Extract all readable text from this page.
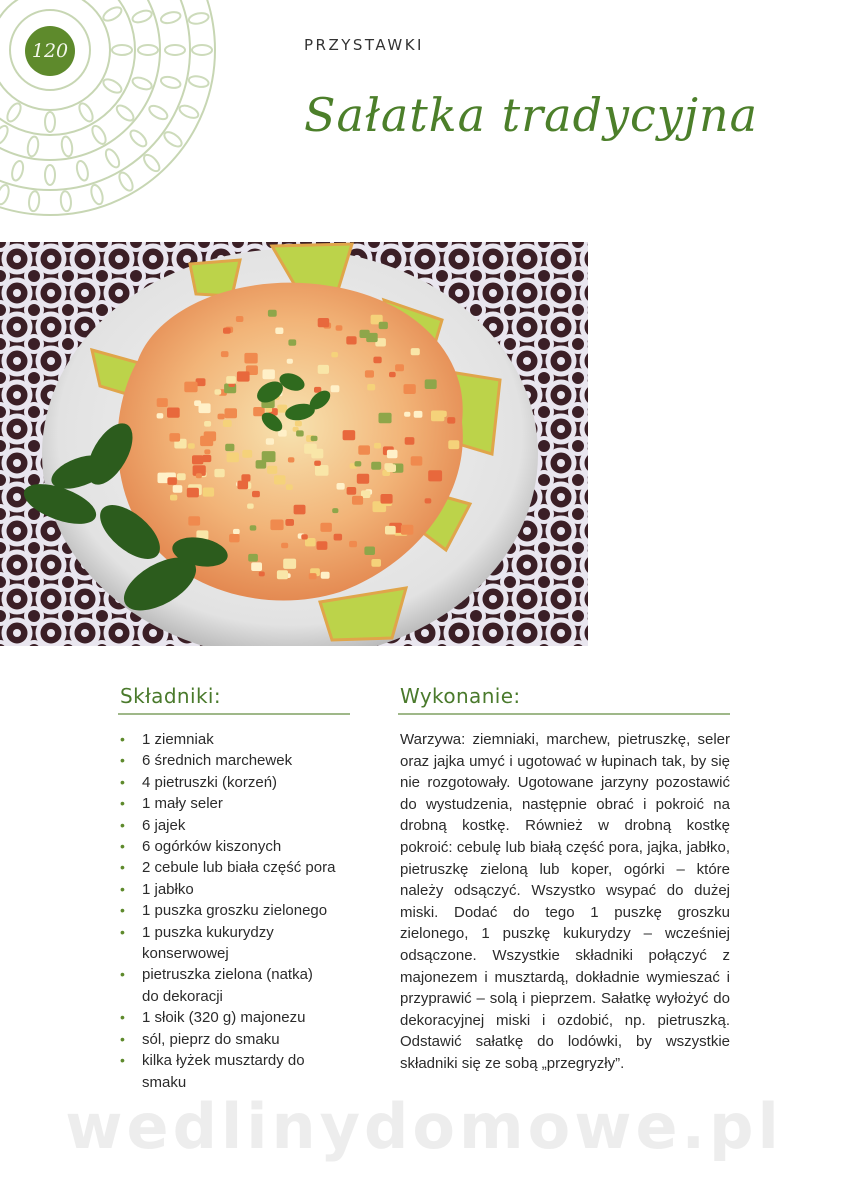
120	PRZYSTAWKI
Sałatka tradycyjna
Składniki:
• 1 ziemniak
• 6 średnich marchewek
• 4 pietruszki (korzeń)
• 1 mały seler
• 6 jajek
• 6 ogórków kiszonych
• 2 cebule lub biała część pora
• 1 jabłko
• 1 puszka groszku zielonego
• 1 puszka kukurydzy konserwowej
• pietruszka zielona (natka) do dekoracji
• 1 słoik (320 g) majonezu
• sól, pieprz do smaku
• kilka łyżek musztardy do smaku
Wykonanie:

Warzywa: ziemniaki, marchew, pietruszkę, seler oraz jajka umyć i ugotować w łupinach tak, by się nie rozgotowały. Ugotowane jarzyny pozostawić do wystudzenia, następnie obrać i pokroić na drobną kostkę. Również w drobną kostkę pokroić: cebulę lub białą część pora, jajka, jabłko, pietruszkę zieloną lub koper, ogórki – które należy odsączyć. Wszystko wsypać do dużej miski. Dodać do tego 1 puszkę groszku zielonego, 1 puszkę kukurydzy – wcześniej odsączone. Wszystkie składniki połączyć z majonezem i musztardą, dokładnie wymieszać i przyprawić – solą i pieprzem. Sałatkę wyłożyć do dekoracyjnej miski i ozdobić, np. pietruszką. Odstawić sałatkę do lodówki, by wszystkie składniki się ze sobą „przegryzły”.

wedlinydomowe.pl
